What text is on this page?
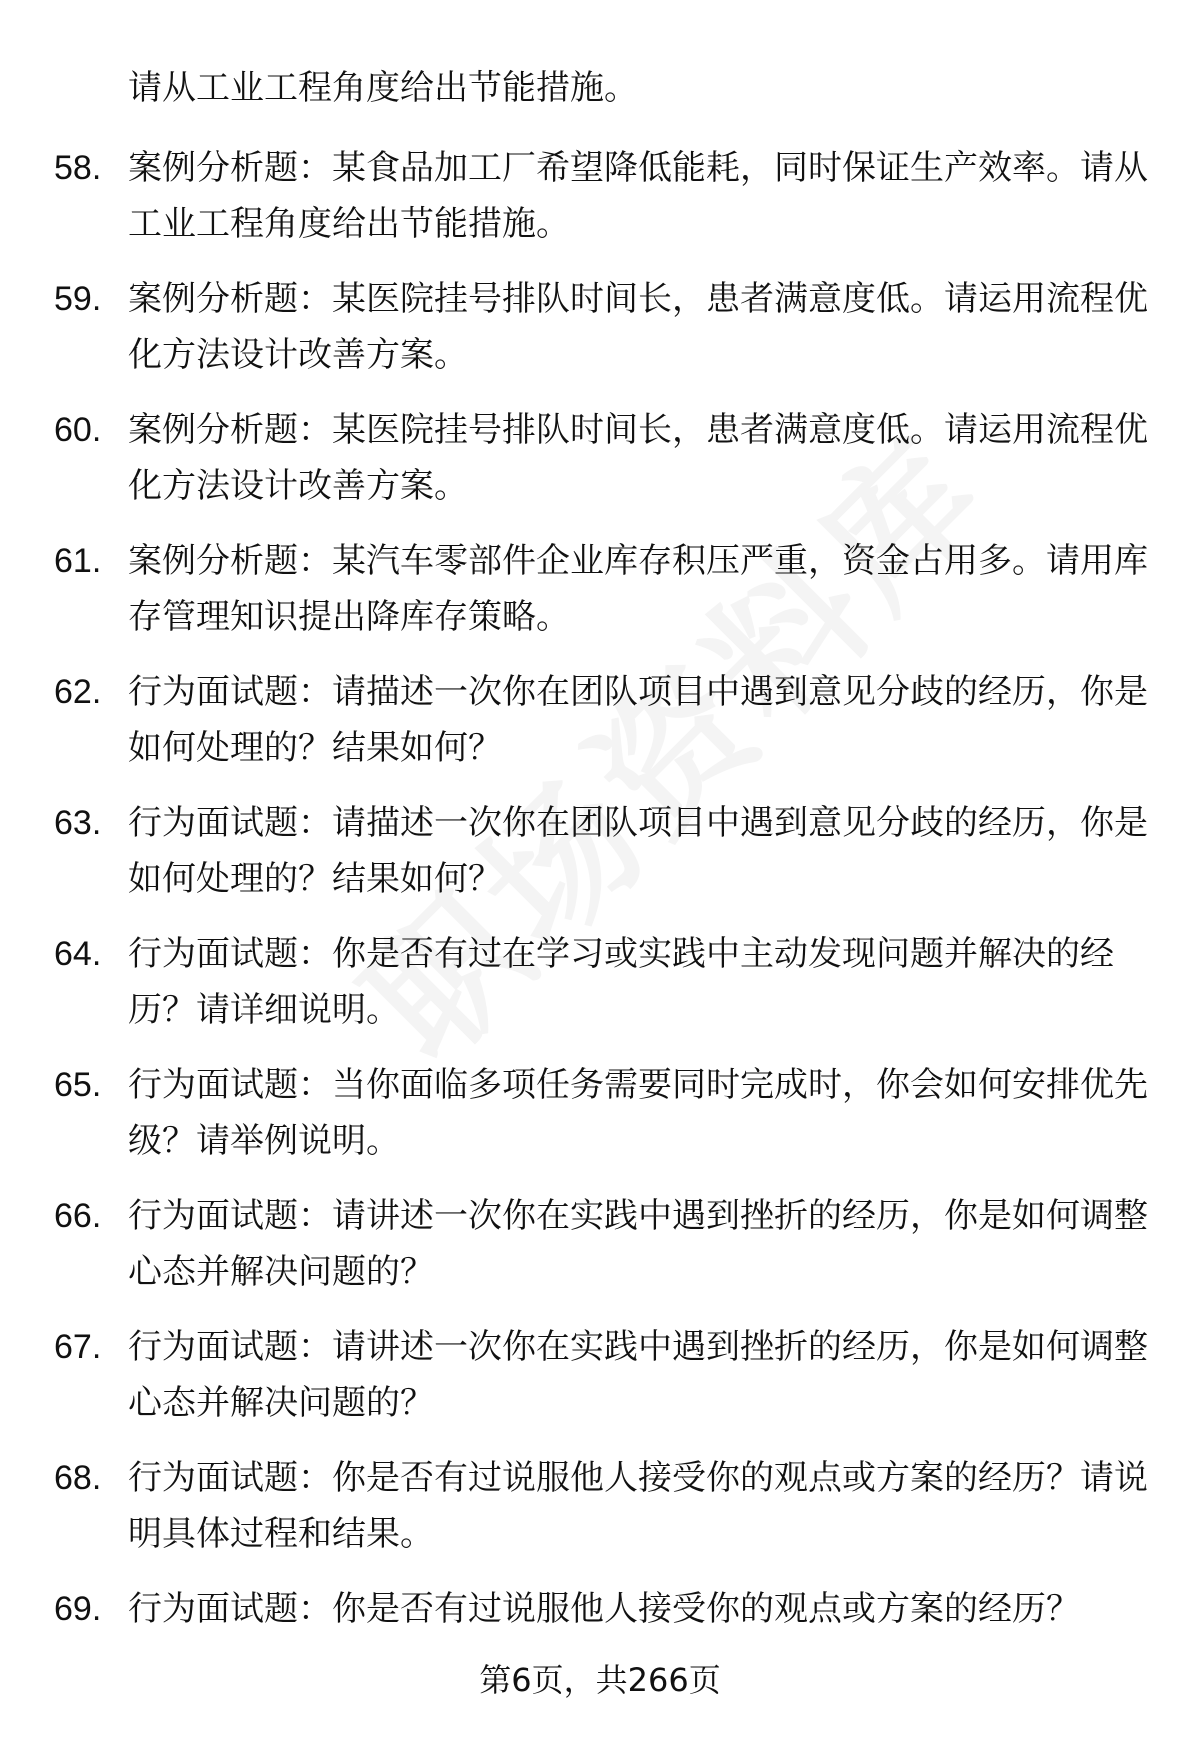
请从工业工程角度给出节能措施。
58. 案例分析题：某食品加工厂希望降低能耗，同时保证生产效率。请从工业工程角度给出节能措施。
59. 案例分析题：某医院挂号排队时间长，患者满意度低。请运用流程优化方法设计改善方案。
60. 案例分析题：某医院挂号排队时间长，患者满意度低。请运用流程优化方法设计改善方案。
61. 案例分析题：某汽车零部件企业库存积压严重，资金占用多。请用库存管理知识提出降库存策略。
62. 行为面试题：请描述一次你在团队项目中遇到意见分歧的经历，你是如何处理的？结果如何？
63. 行为面试题：请描述一次你在团队项目中遇到意见分歧的经历，你是如何处理的？结果如何？
64. 行为面试题：你是否有过在学习或实践中主动发现问题并解决的经历？请详细说明。
65. 行为面试题：当你面临多项任务需要同时完成时，你会如何安排优先级？请举例说明。
66. 行为面试题：请讲述一次你在实践中遇到挫折的经历，你是如何调整心态并解决问题的？
67. 行为面试题：请讲述一次你在实践中遇到挫折的经历，你是如何调整心态并解决问题的？
68. 行为面试题：你是否有过说服他人接受你的观点或方案的经历？请说明具体过程和结果。
69. 行为面试题：你是否有过说服他人接受你的观点或方案的经历？
第6页，共266页
